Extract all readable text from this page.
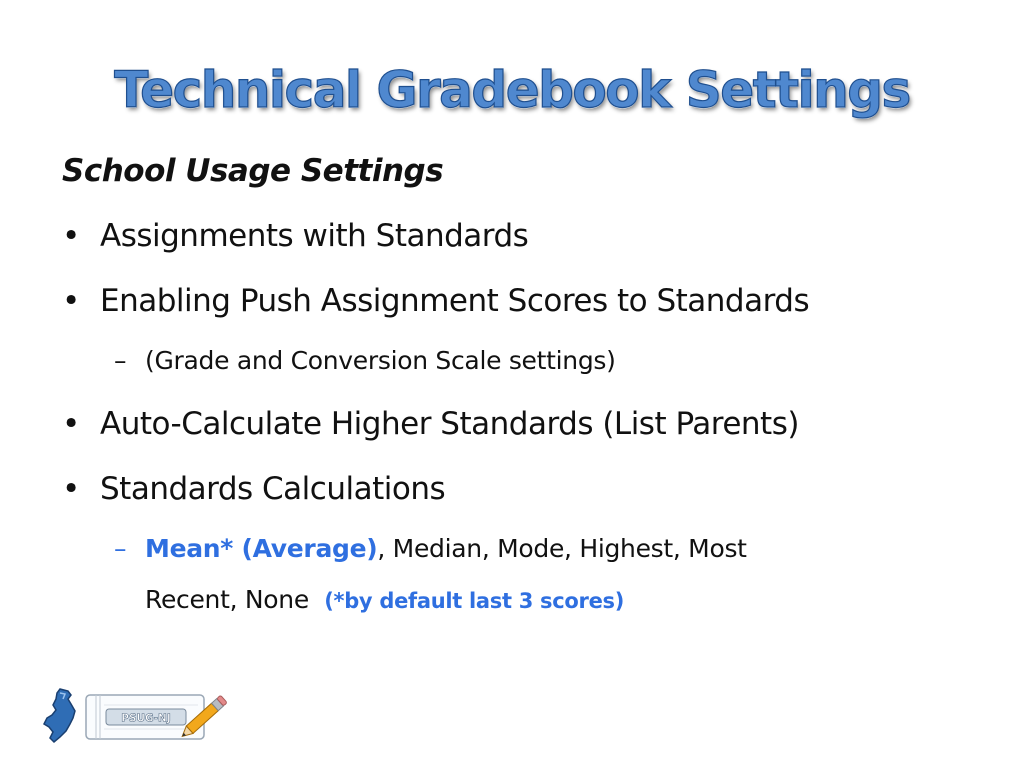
Technical Gradebook Settings
School Usage Settings
• Assignments with Standards
• Enabling Push Assignment Scores to Standards
– (Grade and Conversion Scale settings)
• Auto-Calculate Higher Standards (List Parents)
• Standards Calculations
– Mean* (Average), Median, Mode, Highest, Most
Recent, None (*by default last 3 scores)
PSUG-NJ
